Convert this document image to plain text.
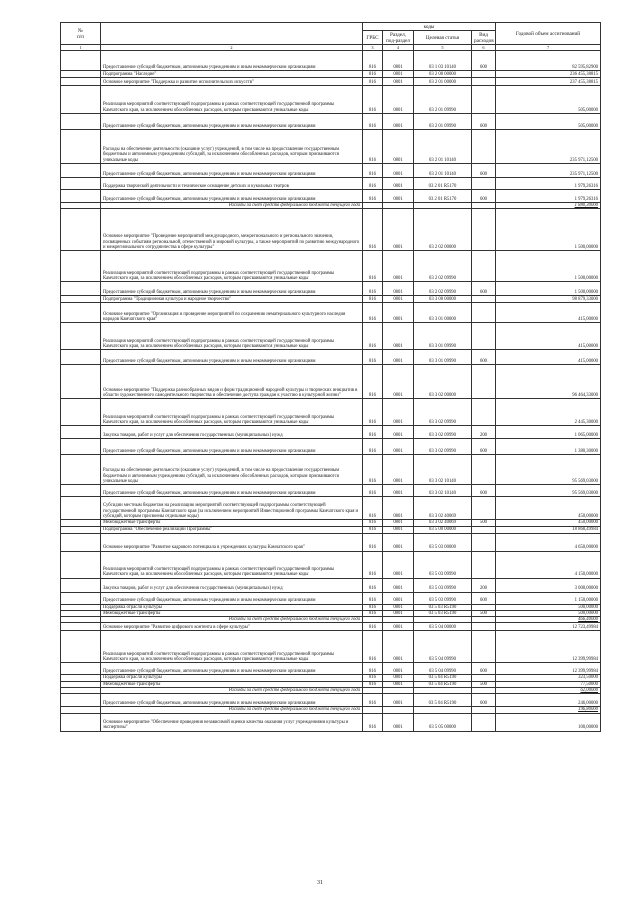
№
п/п		коды				Годовой объем ассигнований
		ГРБС	Раздел, под-раздел	Целевая статья	Вид расходов	
1	2	3	4	5	6	7
	Предоставление субсидий бюджетным, автономным учреждениям и иным некоммерческим организациям	816	0801	03 1 03 10140	600	82 595,82900
	Подпрограмма "Наследие"	816	0801	03 2 00 00000		236 455,38815
	Основное мероприятие "Поддержка и развитие исполнительских искусств"	816	0801	03 2 01 00000		237 455,38815
	Реализация мероприятий соответствующей подпрограммы в рамках соответствующей государственной программы Камчатского края, за исключением обособленных расходов, которым присваиваются уникальные коды	816	0801	03 2 01 09990		505,00000
	Предоставление субсидий бюджетным, автономным учреждениям и иным некоммерческим организациям	816	0801	03 2 01 09990	600	505,00000
	Расходы на обеспечение деятельности (оказание услуг) учреждений, в том числе на предоставление государственным бюджетным и автономным учреждениям субсидий, за исключением обособленных расходов, которым присваиваются уникальные коды	816	0801	03 2 01 10140		235 971,12500
	Предоставление субсидий бюджетным, автономным учреждениям и иным некоммерческим организациям	816	0801	03 2 01 10140	600	235 971,12500
	Поддержка творческой деятельности и техническое оснащение детских и кукольных театров	816	0801	03 2 01 R5170		1 979,26316
	Предоставление субсидий бюджетным, автономным учреждениям и иным некоммерческим организациям	816	0801	03 2 01 R5170	600	1 979,26316
	Расходы за счет средств федерального бюджета текущего года					1 880,30000
	Основное мероприятие "Проведение мероприятий международного, межрегионального и регионального значения, посвященных событиям региональной, отечественной и мировой культуры, а также мероприятий по развитию международного и межрегионального сотрудничества в сфере культуры"	816	0801	03 2 02 00000		1 500,00000
	Реализация мероприятий соответствующей подпрограммы в рамках соответствующей государственной программы Камчатского края, за исключением обособленных расходов, которым присваиваются уникальные коды	816	0801	03 2 02 09990		1 500,00000
	Предоставление субсидий бюджетным, автономным учреждениям и иным некоммерческим организациям	816	0801	03 2 02 09990	600	1 500,00000
	Подпрограмма "Традиционная культура и народное творчество"	816	0801	03 3 00 00000		98 879,33000
	Основное мероприятие "Организация и проведение мероприятий по сохранению нематериального культурного наследия народов Камчатского края"	816	0801	03 3 01 00000		415,00000
	Реализация мероприятий соответствующей подпрограммы в рамках соответствующей государственной программы Камчатского края, за исключением обособленных расходов, которым присваиваются уникальные коды	816	0801	03 3 01 09990		415,00000
	Предоставление субсидий бюджетным, автономным учреждениям и иным некоммерческим организациям	816	0801	03 3 01 09990	600	415,00000
	Основное мероприятие "Поддержка разнообразных видов и форм традиционной народной культуры и творческих инициатив в области художественного самодеятельного творчества и обеспечение доступа граждан к участию в культурной жизни"	816	0801	03 3 02 00000		96 464,33000
	Реализация мероприятий соответствующей подпрограммы в рамках соответствующей государственной программы Камчатского края, за исключением обособленных расходов, которым присваиваются уникальные коды	816	0801	03 3 02 09990		2 445,30000
	Закупка товаров, работ и услуг для обеспечения государственных (муниципальных) нужд	816	0801	03 3 02 09990	200	1 065,00000
	Предоставление субсидий бюджетным, автономным учреждениям и иным некоммерческим организациям	816	0801	03 3 02 09990	600	1 380,30000
	Расходы на обеспечение деятельности (оказание услуг) учреждений, в том числе на предоставление государственным бюджетным и автономным учреждениям субсидий, за исключением обособленных расходов, которым присваиваются уникальные коды	816	0801	03 3 02 10140		95 569,03000
	Предоставление субсидий бюджетным, автономным учреждениям и иным некоммерческим организациям	816	0801	03 3 02 10140	600	95 569,03000
	Субсидии местным бюджетам на реализацию мероприятий соответствующей подпрограммы соответствующей государственной программы Камчатского края (за исключением мероприятий Инвестиционной программы Камчатского края и субсидий, которым присвоены отдельные коды)	816	0801	03 3 02 40069		450,00000
	Межбюджетные трансферты	816	0801	03 3 02 40069	500	450,00000
	Подпрограмма "Обеспечение реализации Программы"	816	0801	03 5 00 00000		18 868,49984
	Основное мероприятие "Развитие кадрового потенциала в учреждениях культуры Камчатского края"	816	0801	03 5 03 00000		4 650,00000
	Реализация мероприятий соответствующей подпрограммы в рамках соответствующей государственной программы Камчатского края, за исключением обособленных расходов, которым присваиваются уникальные коды	816	0801	03 5 03 09990		4 150,00000
	Закупка товаров, работ и услуг для обеспечения государственных (муниципальных) нужд	816	0801	03 5 03 09990	200	3 000,00000
	Предоставление субсидий бюджетным, автономным учреждениям и иным некоммерческим организациям	816	0801	03 5 03 09990	600	1 150,00000
	Поддержка отрасли культуры	816	0801	03 5 03 R5190		500,00000
	Межбюджетные трансферты	816	0801	03 5 03 R5190	500	500,00000
	Расходы за счет средств федерального бюджета текущего года					466,40000
	Основное мероприятие "Развитие цифрового контента в сфере культуры"	816	0801	03 5 04 00000		12 723,49984
	Реализация мероприятий соответствующей подпрограммы в рамках соответствующей государственной программы Камчатского края, за исключением обособленных расходов, которым присваиваются уникальные коды	816	0801	03 5 04 09990		12 399,99984
	Предоставление субсидий бюджетным, автономным учреждениям и иным некоммерческим организациям	816	0801	03 5 04 09990	600	12 399,99984
	Поддержка отрасли культуры	816	0801	03 5 04 R5190		323,50000
	Межбюджетные трансферты	816	0801	03 5 04 R5190	500	77,50000
	Расходы за счет средств федерального бюджета текущего года					62,00000
	Предоставление субсидий бюджетным, автономным учреждениям и иным некоммерческим организациям	816	0801	03 5 04 R5190	600	246,00000
	Расходы за счет средств федерального бюджета текущего года					196,80000
	Основное мероприятие "Обеспечение проведения независимой оценки качества оказания услуг учреждениями культуры и экспертизы"	816	0801	03 5 05 00000		100,00000
31
